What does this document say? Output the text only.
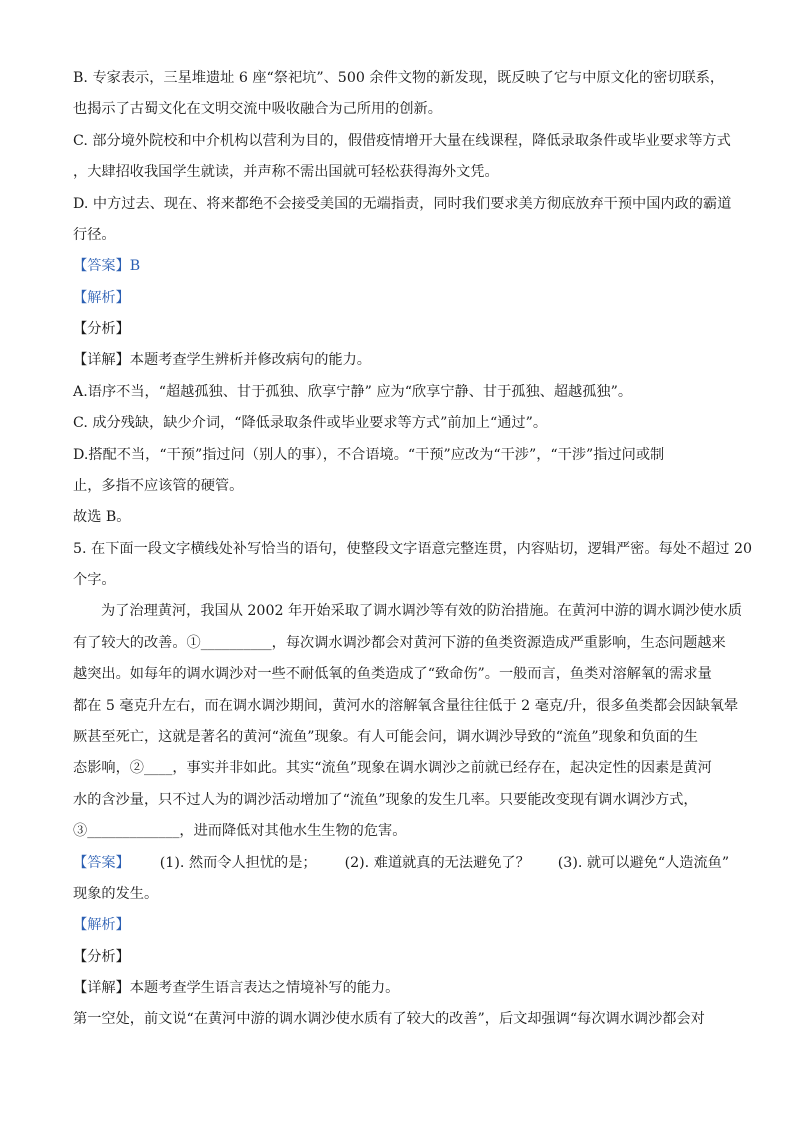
B. 专家表示，三星堆遗址 6 座“祭祀坑”、500 余件文物的新发现，既反映了它与中原文化的密切联系，
也揭示了古蜀文化在文明交流中吸收融合为己所用的创新。
C. 部分境外院校和中介机构以营利为目的，假借疫情增开大量在线课程，降低录取条件或毕业要求等方式
，大肆招收我国学生就读，并声称不需出国就可轻松获得海外文凭。
D. 中方过去、现在、将来都绝不会接受美国的无端指责，同时我们要求美方彻底放弃干预中国内政的霸道
行径。
【答案】B
【解析】
【分析】
【详解】本题考查学生辨析并修改病句的能力。
A.语序不当，“超越孤独、甘于孤独、欣享宁静” 应为“欣享宁静、甘于孤独、超越孤独”。
C. 成分残缺，缺少介词，“降低录取条件或毕业要求等方式”前加上“通过”。
D.搭配不当，“干预”指过问（别人的事），不合语境。“干预”应改为“干涉”，“干涉”指过问或制
止，多指不应该管的硬管。
故选 B。
5. 在下面一段文字横线处补写恰当的语句，使整段文字语意完整连贯，内容贴切，逻辑严密。每处不超过 20
个字。
为了治理黄河，我国从 2002 年开始采取了调水调沙等有效的防治措施。在黄河中游的调水调沙使水质
有了较大的改善。①__________，每次调水调沙都会对黄河下游的鱼类资源造成严重影响，生态问题越来
越突出。如每年的调水调沙对一些不耐低氧的鱼类造成了“致命伤”。一般而言，鱼类对溶解氧的需求量
都在 5 毫克升左右，而在调水调沙期间，黄河水的溶解氧含量往往低于 2 毫克/升，很多鱼类都会因缺氧晕
厥甚至死亡，这就是著名的黄河“流鱼”现象。有人可能会问，调水调沙导致的“流鱼”现象和负面的生
态影响，②____，事实并非如此。其实“流鱼”现象在调水调沙之前就已经存在，起决定性的因素是黄河
水的含沙量，只不过人为的调沙活动增加了“流鱼”现象的发生几率。只要能改变现有调水调沙方式，
③_____________，进而降低对其他水生生物的危害。
【答案】 (1). 然而令人担忧的是； (2). 难道就真的无法避免了？ (3). 就可以避免“人造流鱼”
现象的发生。
【解析】
【分析】
【详解】本题考查学生语言表达之情境补写的能力。
第一空处，前文说“在黄河中游的调水调沙使水质有了较大的改善”，后文却强调“每次调水调沙都会对
